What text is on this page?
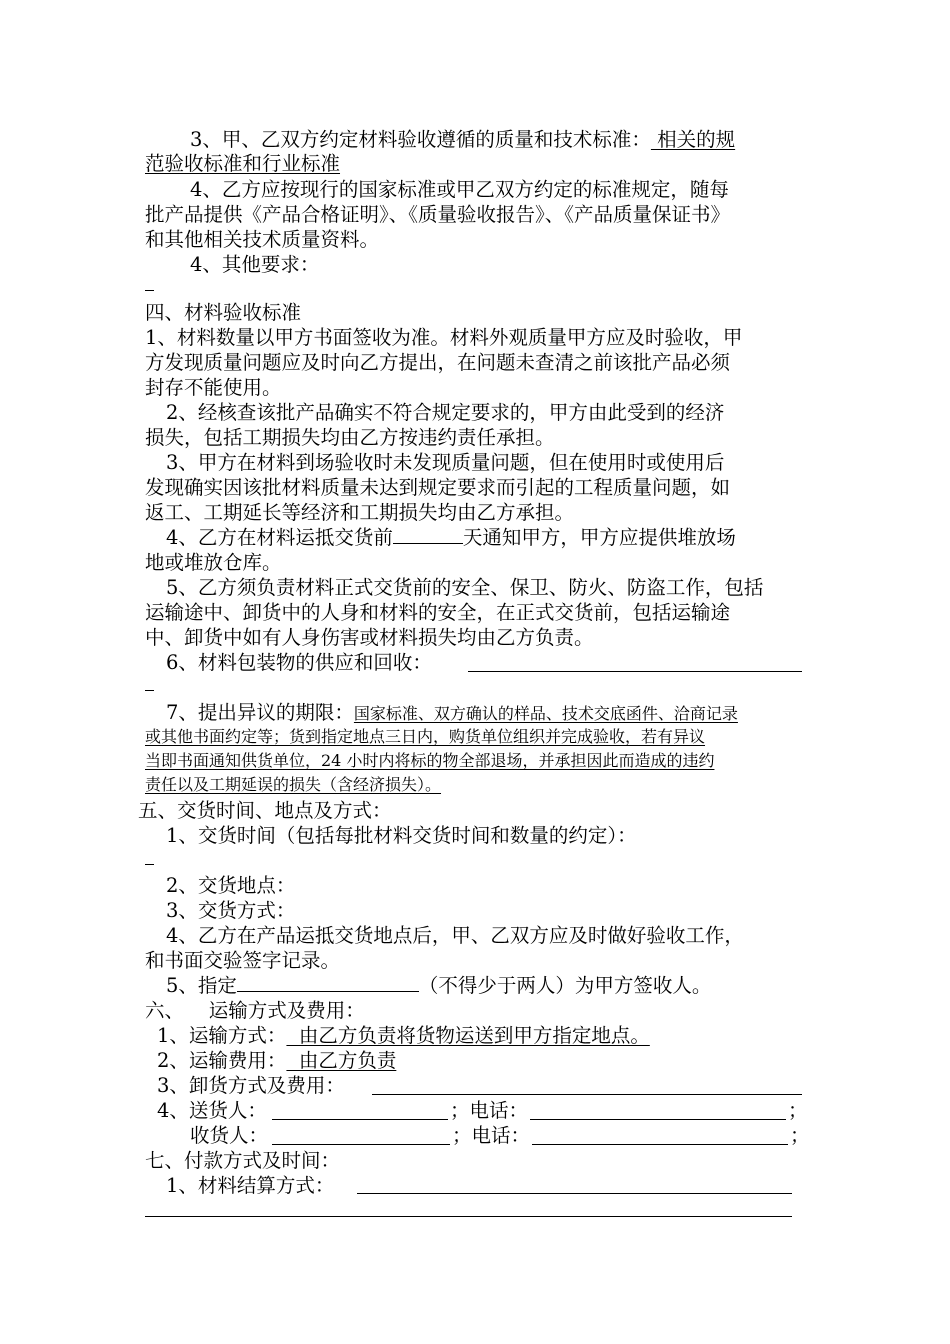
3、甲、乙双方约定材料验收遵循的质量和技术标准： 相关的规
范验收标准和行业标准
4、乙方应按现行的国家标准或甲乙双方约定的标准规定，随每
批产品提供《产品合格证明》、《质量验收报告》、《产品质量保证书》
和其他相关技术质量资料。
4、其他要求：
四、材料验收标准
1、材料数量以甲方书面签收为准。材料外观质量甲方应及时验收，甲
方发现质量问题应及时向乙方提出，在问题未查清之前该批产品必须
封存不能使用。
2、经核查该批产品确实不符合规定要求的，甲方由此受到的经济
损失，包括工期损失均由乙方按违约责任承担。
3、甲方在材料到场验收时未发现质量问题，但在使用时或使用后
发现确实因该批材料质量未达到规定要求而引起的工程质量问题，如
返工、工期延长等经济和工期损失均由乙方承担。
4、乙方在材料运抵交货前	天通知甲方，甲方应提供堆放场
地或堆放仓库。
5、乙方须负责材料正式交货前的安全、保卫、防火、防盗工作，包括
运输途中、卸货中的人身和材料的安全，在正式交货前，包括运输途
中、卸货中如有人身伤害或材料损失均由乙方负责。
6、材料包装物的供应和回收：
7、提出异议的期限：国家标准、双方确认的样品、技术交底函件、洽商记录
或其他书面约定等；货到指定地点三日内，购货单位组织并完成验收，若有异议
当即书面通知供货单位，24 小时内将标的物全部退场，并承担因此而造成的违约
责任以及工期延误的损失（含经济损失）。
五、交货时间、地点及方式：
1、交货时间（包括每批材料交货时间和数量的约定）：
2、交货地点：
3、交货方式：
4、乙方在产品运抵交货地点后，甲、乙双方应及时做好验收工作，
和书面交验签字记录。
5、指定	（不得少于两人）为甲方签收人。
六、    运输方式及费用：
1、运输方式：  由乙方负责将货物运送到甲方指定地点。
2、运输费用：  由乙方负责
3、卸货方式及费用：
4、送货人：	；电话：	；
收货人：	；电话：	；
七、付款方式及时间：
1、材料结算方式：
